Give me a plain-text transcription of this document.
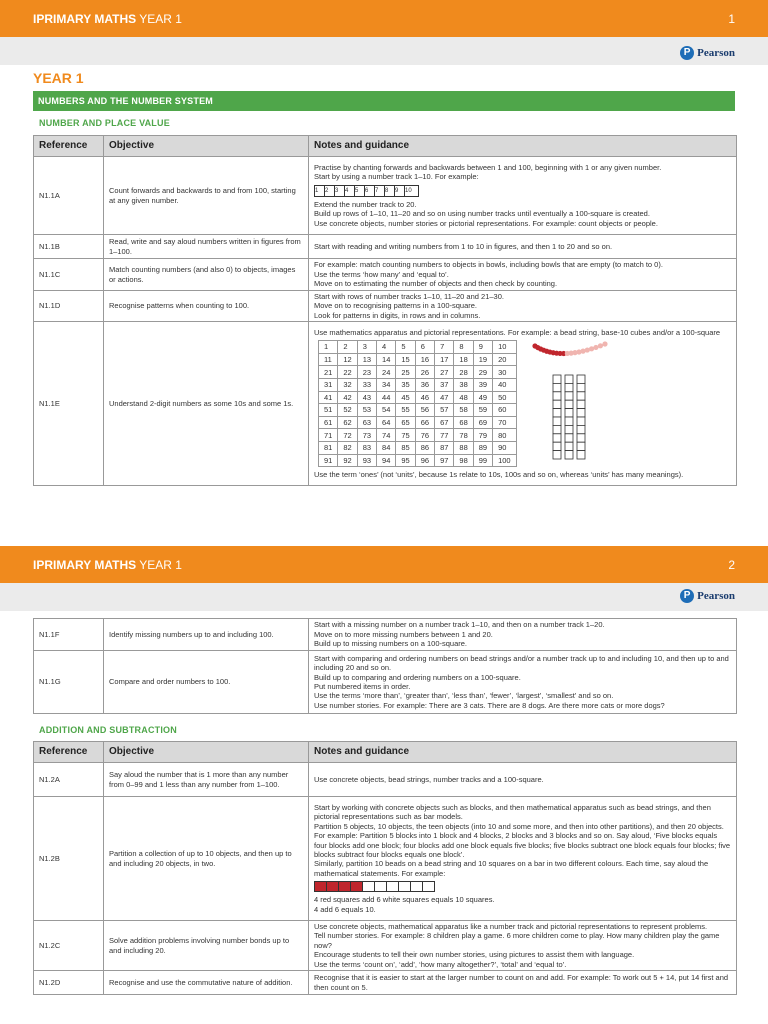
IPRIMARY MATHS YEAR 1	1
P Pearson
YEAR 1
NUMBERS AND THE NUMBER SYSTEM
NUMBER AND PLACE VALUE
Reference	Objective	Notes and guidance
N1.1A	Count forwards and backwards to and from 100, starting at any given number.	
Practise by chanting forwards and backwards between 1 and 100, beginning with 1 or any given number.
Start by using a number track 1–10. For example:
1	2	3	4	5	6	7	8	9	10
Extend the number track to 20.
Build up rows of 1–10, 11–20 and so on using number tracks until eventually a 100-square is created.
Use concrete objects, number stories or pictorial representations. For example: count objects or people.

N1.1B	Read, write and say aloud numbers written in figures from 1–100.	
Start with reading and writing numbers from 1 to 10 in figures, and then 1 to 20 and so on.

N1.1C	Match counting numbers (and also 0) to objects, images or actions.	
For example: match counting numbers to objects in bowls, including bowls that are empty (to match to 0).
Use the terms ‘how many’ and ‘equal to’.
Move on to estimating the number of objects and then check by counting.

N1.1D	Recognise patterns when counting to 100.	
Start with rows of number tracks 1–10, 11–20 and 21–30.
Move on to recognising patterns in a 100-square.
Look for patterns in digits, in rows and in columns.

N1.1E	Understand 2-digit numbers as some 10s and some 1s.	
Use mathematics apparatus and pictorial representations. For example: a bead string, base-10 cubes and/or a 100-square
1	2	3	4	5	6	7	8	9	10
11	12	13	14	15	16	17	18	19	20
21	22	23	24	25	26	27	28	29	30
31	32	33	34	35	36	37	38	39	40
41	42	43	44	45	46	47	48	49	50
51	52	53	54	55	56	57	58	59	60
61	62	63	64	65	66	67	68	69	70
71	72	73	74	75	76	77	78	79	80
81	82	83	84	85	86	87	88	89	90
91	92	93	94	95	96	97	98	99	100
Use the term ‘ones’ (not ‘units’, because 1s relate to 10s, 100s and so on, whereas ‘units’ has many meanings).
IPRIMARY MATHS YEAR 1	2
P Pearson
N1.1F	Identify missing numbers up to and including 100.	Start with a missing number on a number track 1–10, and then on a number track 1–20.
Move on to more missing numbers between 1 and 20.
Build up to missing numbers on a 100-square.

N1.1G	Compare and order numbers to 100.	Start with comparing and ordering numbers on bead strings and/or a number track up to and including 10, and then up to and including 20 and so on.
Build up to comparing and ordering numbers on a 100-square.
Put numbered items in order.
Use the terms ‘more than’, ‘greater than’, ‘less than’, ‘fewer’, ‘largest’, ‘smallest’ and so on.
Use number stories. For example: There are 3 cats. There are 8 dogs. Are there more cats or more dogs?
ADDITION AND SUBTRACTION
Reference	Objective	Notes and guidance
N1.2A	Say aloud the number that is 1 more than any number from 0–99 and 1 less than any number from 1–100.	
Use concrete objects, bead strings, number tracks and a 100-square.

N1.2B	Partition a collection of up to 10 objects, and then up to and including 20 objects, in two.	
Start by working with concrete objects such as blocks, and then mathematical apparatus such as bead strings, and then pictorial representations such as bar models.
Partition 5 objects, 10 objects, the teen objects (into 10 and some more, and then into other partitions), and then 20 objects. For example: Partition 5 blocks into 1 block and 4 blocks, 2 blocks and 3 blocks and so on. Say aloud, ‘Five blocks equals four blocks add one block; four blocks add one block equals five blocks; five blocks subtract one block equals four blocks; five blocks subtract four blocks equals one block’.
Similarly, partition 10 beads on a bead string and 10 squares on a bar in two different colours. Each time, say aloud the mathematical statements. For example:

4 red squares add 6 white squares equals 10 squares.
4 add 6 equals 10.

N1.2C	Solve addition problems involving number bonds up to and including 20.	
Use concrete objects, mathematical apparatus like a number track and pictorial representations to represent problems.
Tell number stories. For example: 8 children play a game. 6 more children come to play. How many children play the game now?
Encourage students to tell their own number stories, using pictures to assist them with language.
Use the terms ‘count on’, ‘add’, ‘how many altogether?’, ‘total’ and ‘equal to’.

N1.2D	Recognise and use the commutative nature of addition.	
Recognise that it is easier to start at the larger number to count on and add. For example: To work out 5 + 14, put 14 first and then count on 5.
